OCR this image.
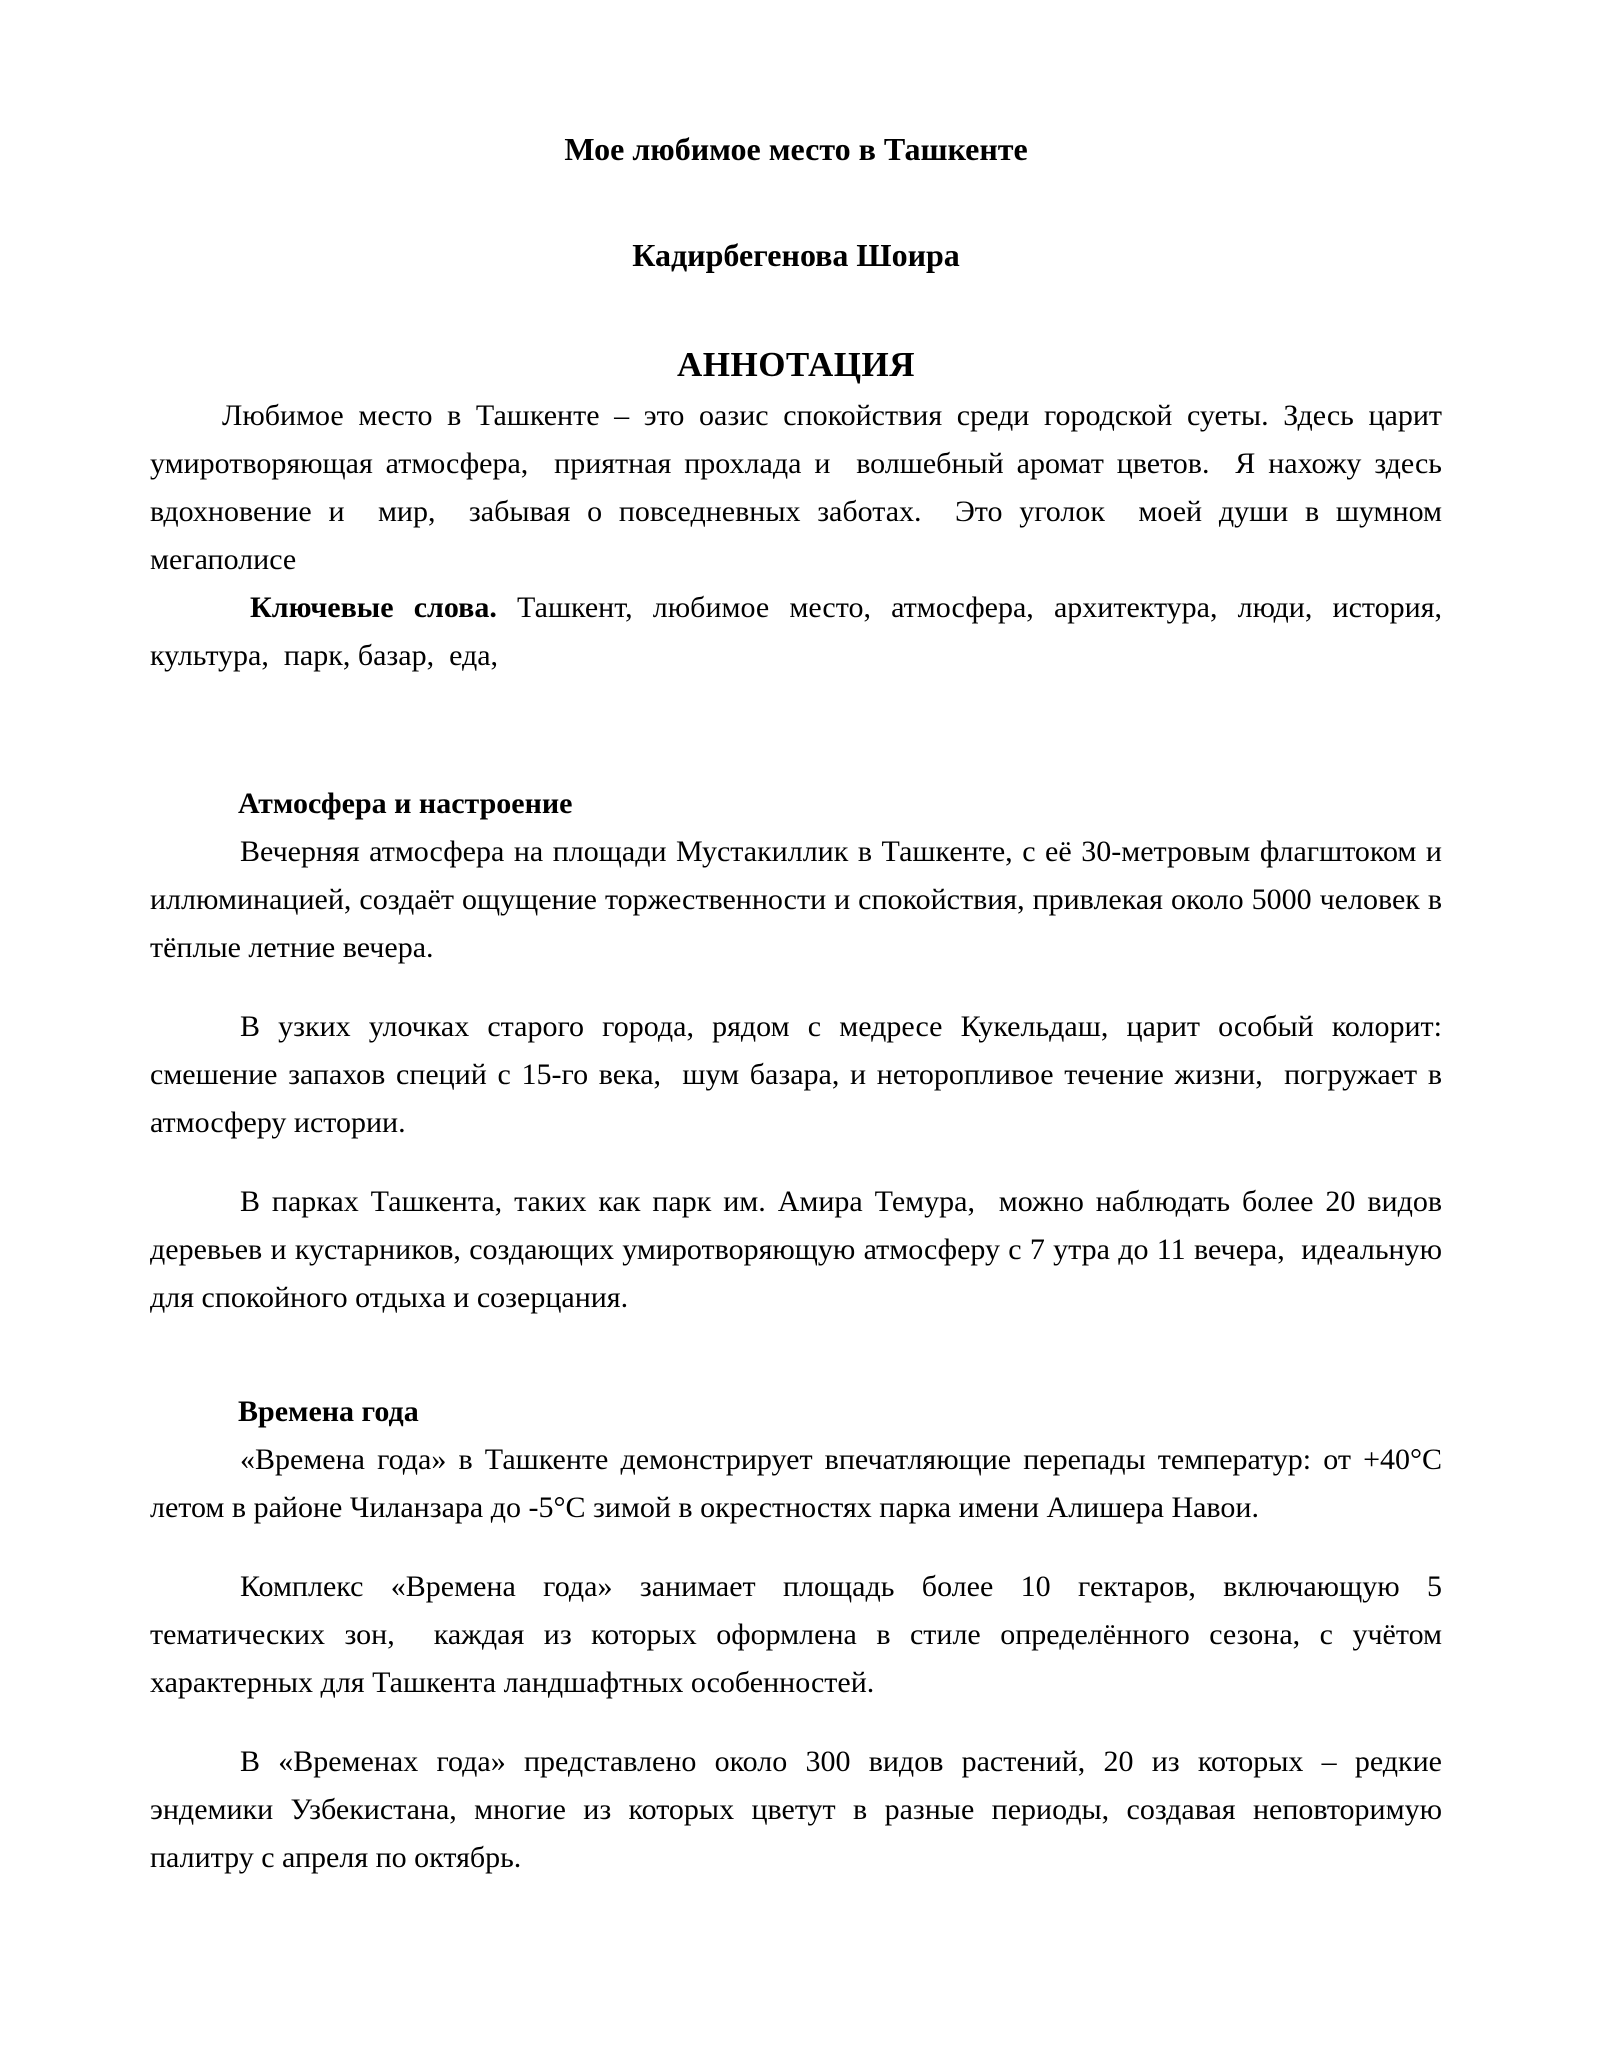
Мое любимое место в Ташкенте
Кадирбегенова Шоира
АННОТАЦИЯ

Любимое место в Ташкенте – это оазис спокойствия среди городской суеты. Здесь царит умиротворяющая атмосфера,  приятная прохлада и  волшебный аромат цветов.  Я нахожу здесь вдохновение и  мир,  забывая о повседневных заботах.  Это уголок  моей души в шумном мегаполисе

Ключевые слова. Ташкент, любимое место, атмосфера, архитектура, люди, история,  культура,  парк, базар,  еда,

Атмосфера и настроение

Вечерняя атмосфера на площади Мустакиллик в Ташкенте, с её 30-метровым флагштоком и иллюминацией, создаёт ощущение торжественности и спокойствия, привлекая около 5000 человек в тёплые летние вечера.

В узких улочках старого города, рядом с медресе Кукельдаш, царит особый колорит:  смешение запахов специй с 15-го века,  шум базара, и неторопливое течение жизни,  погружает в атмосферу истории.

В парках Ташкента, таких как парк им. Амира Темура,  можно наблюдать более 20 видов деревьев и кустарников, создающих умиротворяющую атмосферу с 7 утра до 11 вечера,  идеальную для спокойного отдыха и созерцания.

Времена года

«Времена года» в Ташкенте демонстрирует впечатляющие перепады температур: от +40°С летом в районе Чиланзара до -5°С зимой в окрестностях парка имени Алишера Навои.

Комплекс «Времена года» занимает площадь более 10 гектаров, включающую 5 тематических зон,  каждая из которых оформлена в стиле определённого сезона, с учётом характерных для Ташкента ландшафтных особенностей.

В «Временах года» представлено около 300 видов растений, 20 из которых – редкие эндемики Узбекистана, многие из которых цветут в разные периоды, создавая неповторимую палитру с апреля по октябрь.
